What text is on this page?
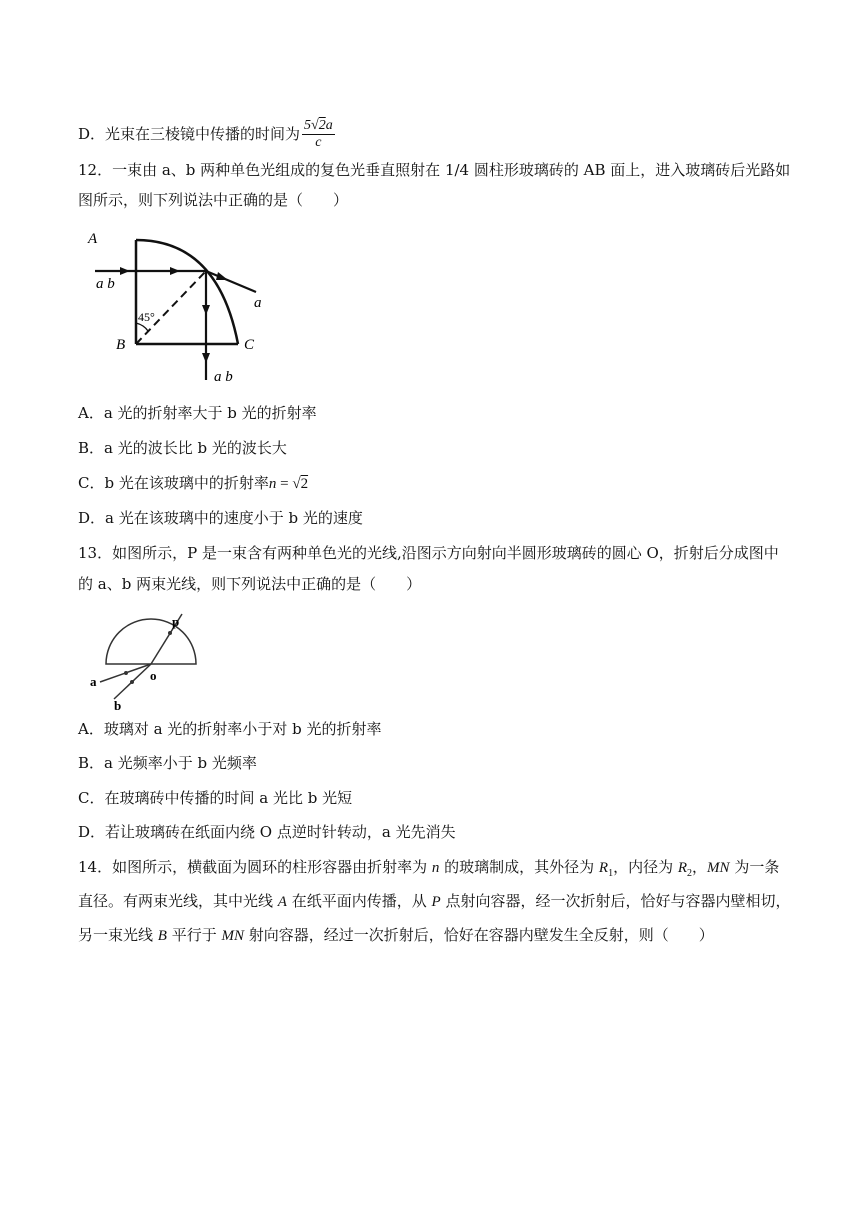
D．光束在三棱镜中传播的时间为 $\frac{5√2a}{c}$
12．一束由 a、b 两种单色光组成的复色光垂直照射在 1/4 圆柱形玻璃砖的 AB 面上，进入玻璃砖后光路如
图所示，则下列说法中正确的是（　　）
A
B	C
a b
a
a b
45°
A．a 光的折射率大于 b 光的折射率
B．a 光的波长比 b 光的波长大
C．b 光在该玻璃中的折射率n = √2
D．a 光在该玻璃中的速度小于 b 光的速度
13．如图所示，P 是一束含有两种单色光的光线,沿图示方向射向半圆形玻璃砖的圆心 O，折射后分成图中
的 a、b 两束光线，则下列说法中正确的是（　　）
p
o
a
b
A．玻璃对 a 光的折射率小于对 b 光的折射率
B．a 光频率小于 b 光频率
C．在玻璃砖中传播的时间 a 光比 b 光短
D．若让玻璃砖在纸面内绕 O 点逆时针转动，a 光先消失
14．如图所示，横截面为圆环的柱形容器由折射率为 n 的玻璃制成，其外径为 $R_1$，内径为 $R_2$，MN 为一条
直径。有两束光线，其中光线 A 在纸平面内传播，从 P 点射向容器，经一次折射后，恰好与容器内壁相切，
另一束光线 B 平行于 MN 射向容器，经过一次折射后，恰好在容器内壁发生全反射，则（　　）
